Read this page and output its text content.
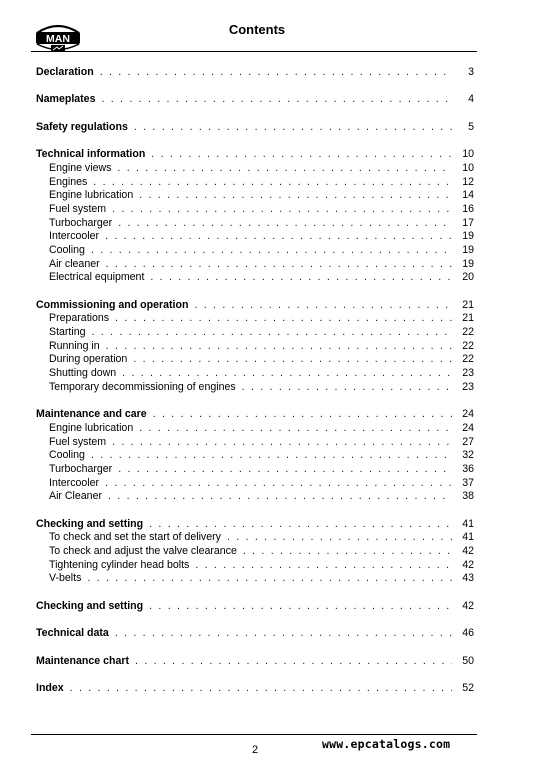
MAN
Contents
Declaration . . .	3
Nameplates . . .	4
Safety regulations . . .	5
Technical information . . .	10
Engine views . . .	10
Engines . . .	12
Engine lubrication . . .	14
Fuel system . . .	16
Turbocharger . . .	17
Intercooler . . .	19
Cooling . . .	19
Air cleaner . . .	19
Electrical equipment . . .	20
Commissioning and operation . . .	21
Preparations . . .	21
Starting . . .	22
Running in . . .	22
During operation . . .	22
Shutting down . . .	23
Temporary decommissioning of engines . . .	23
Maintenance and care . . .	24
Engine lubrication . . .	24
Fuel system . . .	27
Cooling . . .	32
Turbocharger . . .	36
Intercooler . . .	37
Air Cleaner . . .	38
Checking and setting . . .	41
To check and set the start of delivery . . .	41
To check and adjust the valve clearance . . .	42
Tightening cylinder head bolts . . .	42
V-belts . . .	43
Checking and setting . . .	42
Technical data . . .	46
Maintenance chart . . .	50
Index . . .	52
2	www.epcatalogs.com
